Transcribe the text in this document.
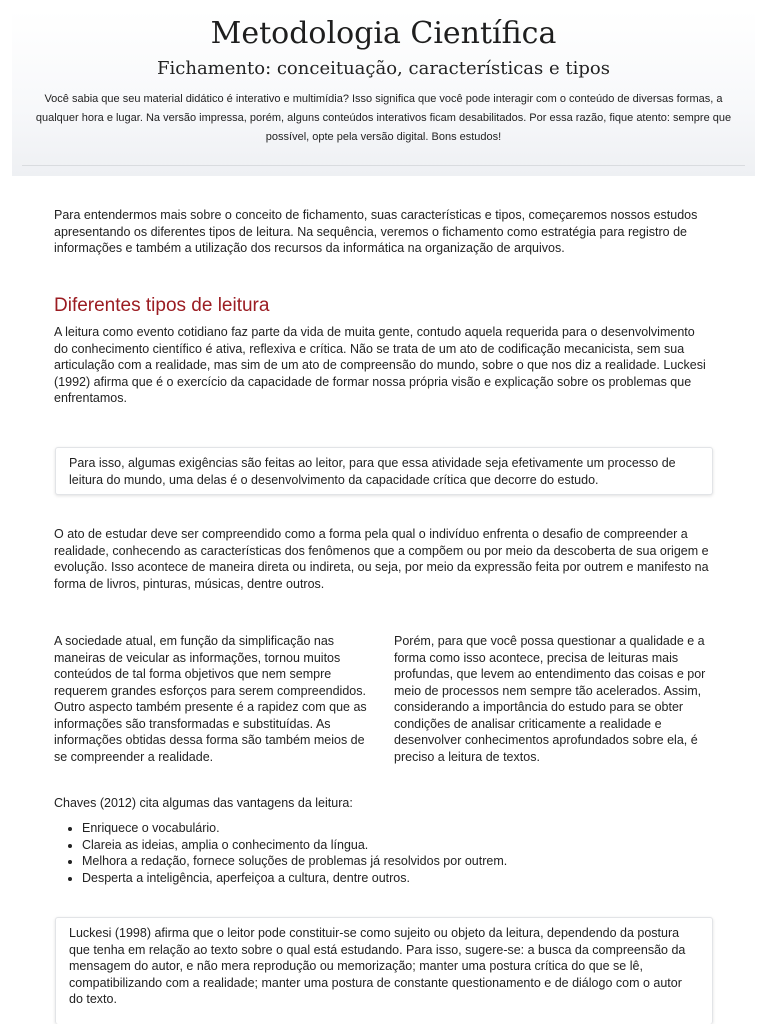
Metodologia Científica
Fichamento: conceituação, características e tipos
Você sabia que seu material didático é interativo e multimídia? Isso significa que você pode interagir com o conteúdo de diversas formas, a qualquer hora e lugar. Na versão impressa, porém, alguns conteúdos interativos ficam desabilitados. Por essa razão, fique atento: sempre que possível, opte pela versão digital. Bons estudos!

Para entendermos mais sobre o conceito de fichamento, suas características e tipos, começaremos nossos estudos apresentando os diferentes tipos de leitura. Na sequência, veremos o fichamento como estratégia para registro de informações e também a utilização dos recursos da informática na organização de arquivos.

Diferentes tipos de leitura

A leitura como evento cotidiano faz parte da vida de muita gente, contudo aquela requerida para o desenvolvimento do conhecimento científico é ativa, reflexiva e crítica. Não se trata de um ato de codificação mecanicista, sem sua articulação com a realidade, mas sim de um ato de compreensão do mundo, sobre o que nos diz a realidade. Luckesi (1992) afirma que é o exercício da capacidade de formar nossa própria visão e explicação sobre os problemas que enfrentamos.

Para isso, algumas exigências são feitas ao leitor, para que essa atividade seja efetivamente um processo de leitura do mundo, uma delas é o desenvolvimento da capacidade crítica que decorre do estudo.

O ato de estudar deve ser compreendido como a forma pela qual o indivíduo enfrenta o desafio de compreender a realidade, conhecendo as características dos fenômenos que a compõem ou por meio da descoberta de sua origem e evolução. Isso acontece de maneira direta ou indireta, ou seja, por meio da expressão feita por outrem e manifesto na forma de livros, pinturas, músicas, dentre outros.

A sociedade atual, em função da simplificação nas maneiras de veicular as informações, tornou muitos conteúdos de tal forma objetivos que nem sempre requerem grandes esforços para serem compreendidos. Outro aspecto também presente é a rapidez com que as informações são transformadas e substituídas. As informações obtidas dessa forma são também meios de se compreender a realidade.

Porém, para que você possa questionar a qualidade e a forma como isso acontece, precisa de leituras mais profundas, que levem ao entendimento das coisas e por meio de processos nem sempre tão acelerados. Assim, considerando a importância do estudo para se obter condições de analisar criticamente a realidade e desenvolver conhecimentos aprofundados sobre ela, é preciso a leitura de textos.

Chaves (2012) cita algumas das vantagens da leitura:

• Enriquece o vocabulário.
• Clareia as ideias, amplia o conhecimento da língua.
• Melhora a redação, fornece soluções de problemas já resolvidos por outrem.
• Desperta a inteligência, aperfeiçoa a cultura, dentre outros.
Luckesi (1998) afirma que o leitor pode constituir-se como sujeito ou objeto da leitura, dependendo da postura que tenha em relação ao texto sobre o qual está estudando. Para isso, sugere-se: a busca da compreensão da mensagem do autor, e não mera reprodução ou memorização; manter uma postura crítica do que se lê, compatibilizando com a realidade; manter uma postura de constante questionamento e de diálogo com o autor do texto.
